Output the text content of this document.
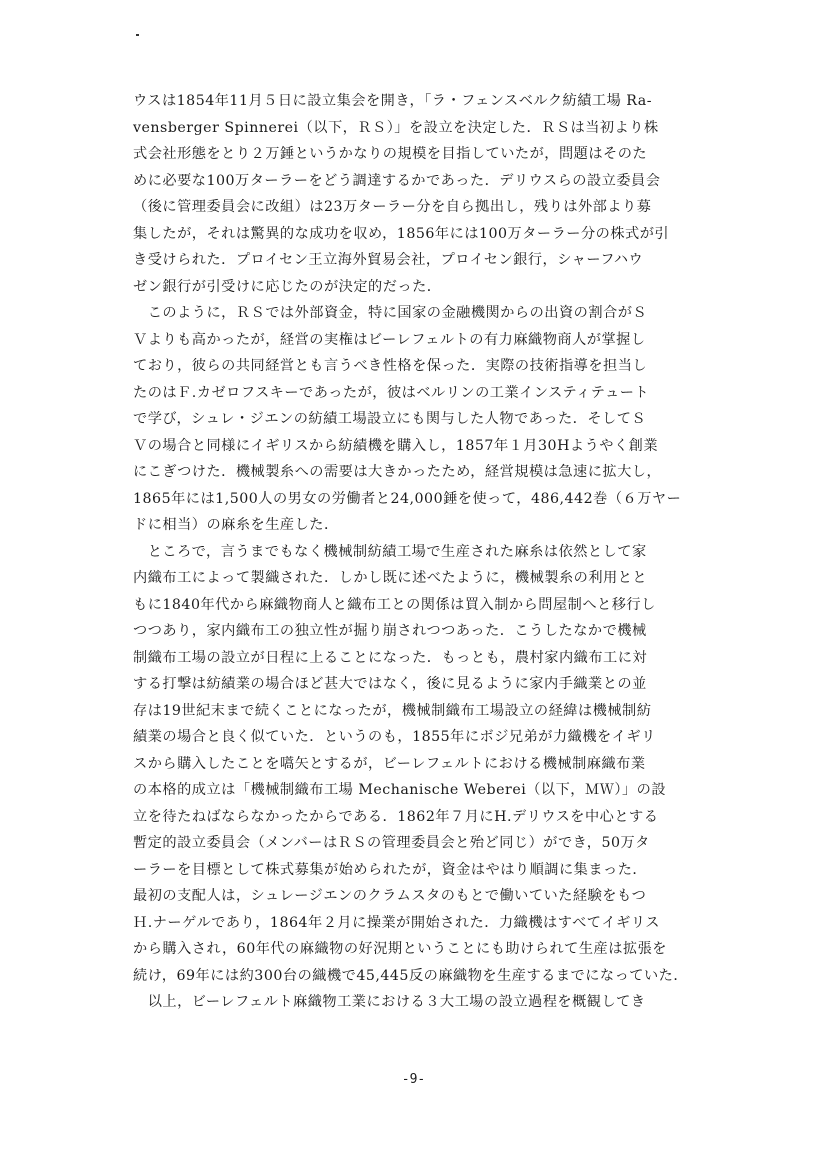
ウスは1854年11月５日に設立集会を開き，「ラ・フェンスベルク紡績工場 Ra-
vensberger Spinnerei（以下，ＲＳ）」を設立を決定した．ＲＳは当初より株
式会社形態をとり２万錘というかなりの規模を目指していたが，問題はそのた
めに必要な100万ターラーをどう調達するかであった．デリウスらの設立委員会
（後に管理委員会に改組）は23万ターラー分を自ら拠出し，残りは外部より募
集したが，それは驚異的な成功を収め，1856年には100万ターラー分の株式が引
き受けられた．プロイセン王立海外貿易会社，プロイセン銀行，シャーフハウ
ゼン銀行が引受けに応じたのが決定的だった．
　このように，ＲＳでは外部資金，特に国家の金融機関からの出資の割合がＳ
Ｖよりも高かったが，経営の実権はビーレフェルトの有力麻織物商人が掌握し
ており，彼らの共同経営とも言うべき性格を保った．実際の技術指導を担当し
たのはＦ.カゼロフスキーであったが，彼はベルリンの工業インスティテュート
で学び，シュレ・ジエンの紡績工場設立にも関与した人物であった．そしてＳ
Ｖの場合と同様にイギリスから紡績機を購入し，1857年１月30Hようやく創業
にこぎつけた．機械製糸への需要は大きかったため，経営規模は急速に拡大し，
1865年には1,500人の男女の労働者と24,000錘を使って，486,442巻（６万ヤー
ドに相当）の麻糸を生産した．
　ところで，言うまでもなく機械制紡績工場で生産された麻糸は依然として家
内織布工によって製織された．しかし既に述べたように，機械製糸の利用とと
もに1840年代から麻織物商人と織布工との関係は買入制から問屋制へと移行し
つつあり，家内織布工の独立性が掘り崩されつつあった．こうしたなかで機械
制織布工場の設立が日程に上ることになった．もっとも，農村家内織布工に対
する打撃は紡績業の場合ほど甚大ではなく，後に見るように家内手織業との並
存は19世紀末まで続くことになったが，機械制織布工場設立の経緯は機械制紡
績業の場合と良く似ていた．というのも，1855年にボジ兄弟が力織機をイギリ
スから購入したことを嚆矢とするが，ビーレフェルトにおける機械制麻織布業
の本格的成立は「機械制織布工場 Mechanische Weberei（以下，ＭＷ）」の設
立を待たねばならなかったからである．1862年７月にH.デリウスを中心とする
暫定的設立委員会（メンバーはＲＳの管理委員会と殆ど同じ）ができ，50万タ
ーラーを目標として株式募集が始められたが，資金はやはり順調に集まった．
最初の支配人は，シュレージエンのクラムスタのもとで働いていた経験をもつ
Ｈ.ナーゲルであり，1864年２月に操業が開始された．力織機はすべてイギリス
から購入され，60年代の麻織物の好況期ということにも助けられて生産は拡張を
続け，69年には約300台の織機で45,445反の麻織物を生産するまでになっていた．
　以上，ビーレフェルト麻織物工業における３大工場の設立過程を概観してき
-9-
